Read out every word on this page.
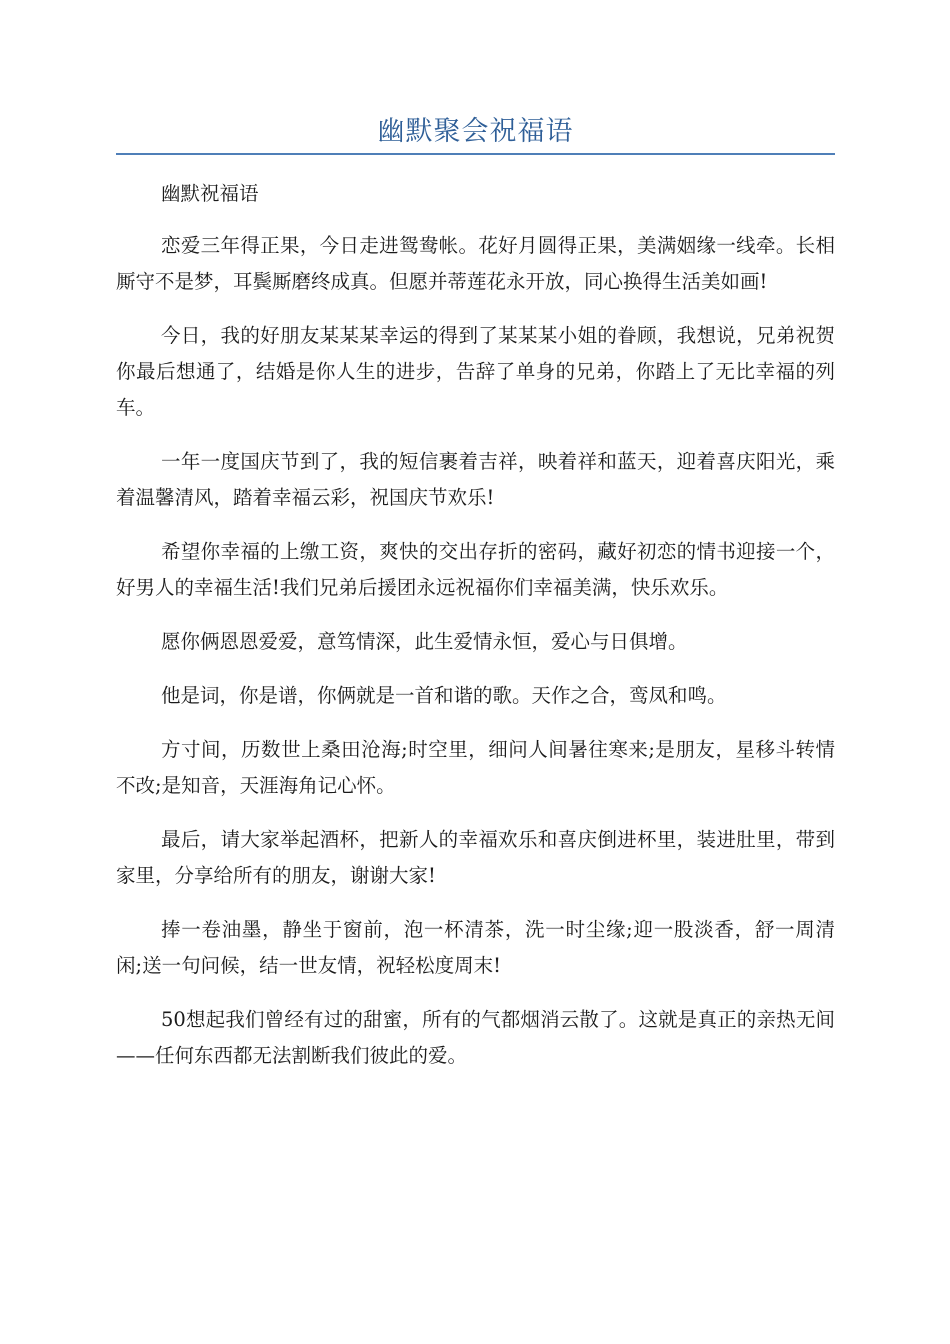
幽默聚会祝福语

幽默祝福语

恋爱三年得正果，今日走进鸳鸯帐。花好月圆得正果，美满姻缘一线牵。长相厮守不是梦，耳鬓厮磨终成真。但愿并蒂莲花永开放，同心换得生活美如画!

今日，我的好朋友某某某幸运的得到了某某某小姐的眷顾，我想说，兄弟祝贺你最后想通了，结婚是你人生的进步，告辞了单身的兄弟，你踏上了无比幸福的列车。

一年一度国庆节到了，我的短信裹着吉祥，映着祥和蓝天，迎着喜庆阳光，乘着温馨清风，踏着幸福云彩，祝国庆节欢乐!

希望你幸福的上缴工资，爽快的交出存折的密码，藏好初恋的情书迎接一个，好男人的幸福生活!我们兄弟后援团永远祝福你们幸福美满，快乐欢乐。

愿你俩恩恩爱爱，意笃情深，此生爱情永恒，爱心与日俱增。

他是词，你是谱，你俩就是一首和谐的歌。天作之合，鸾凤和鸣。

方寸间，历数世上桑田沧海;时空里，细问人间暑往寒来;是朋友，星移斗转情不改;是知音，天涯海角记心怀。

最后，请大家举起酒杯，把新人的幸福欢乐和喜庆倒进杯里，装进肚里，带到家里，分享给所有的朋友，谢谢大家!

捧一卷油墨，静坐于窗前，泡一杯清茶，洗一时尘缘;迎一股淡香，舒一周清闲;送一句问候，结一世友情，祝轻松度周末!

50想起我们曾经有过的甜蜜，所有的气都烟消云散了。这就是真正的亲热无间——任何东西都无法割断我们彼此的爱。
